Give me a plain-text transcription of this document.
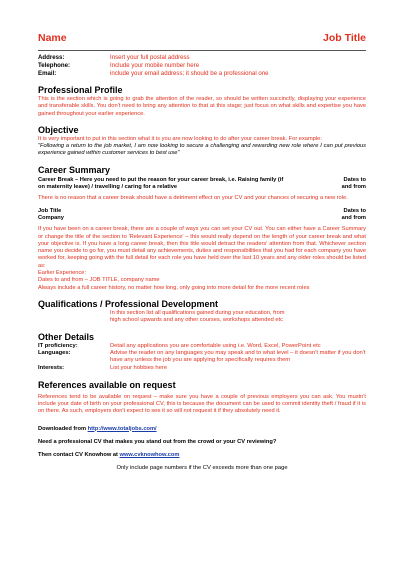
Name	Job Title
Address:	Insert your full postal address
Telephone:	Include your mobile number here
Email:	include your email address; it should be a professional one
Professional Profile

This is the section which is going to grab the attention of the reader, so should be written succinctly, displaying your experience and transferable skills. You don't need to bring any attention to that at this stage; just focus on what skills and expertise you have gained throughout your earlier experience.

Objective

It is very important to put in this section what it is you are now looking to do after your career break. For example:

"Following a return to the job market, I am now looking to secure a challenging and rewarding new role where I can put previous experience gained within customer services to best use"

Career Summary
Career Break – Here you need to put the reason for your career break, i.e. Raising family (if on maternity leave) / travelling / caring for a relative
Dates to and from

There is no reason that a career break should have a detriment effect on your CV and your chances of securing a new role.

Job Title
Company
Dates to and from

If you have been on a career break, there are a couple of ways you can set your CV out. You can either have a Career Summary or change the title of the section to 'Relevant Experience' – this would really depend on the length of your career break and what your objective is. If you have a long career break, then this title would detract the readers' attention from that. Whichever section name you decide to go for, you must detail any achievements, duties and responsibilities that you had for each company you have worked for, keeping going with the full detail for each role you have held over the last 10 years and any older roles should be listed as:

Earlier Experience:

Dates to and from – JOB TITLE, company name

Always include a full career history, no matter how long, only going into more detail for the more recent roles

Qualifications / Professional Development

In this section list all qualifications gained during your education, from high school upwards and any other courses, workshops attended etc

Other Details
IT proficiency:	Detail any applications you are comfortable using i.e. Word, Excel, PowerPoint etc
Languages:	Advise the reader on any languages you may speak and to what level – it doesn't matter if you don't have any unless the job you are applying for specifically requires them
Interests:	List your hobbies here
References available on request

References tend to be available on request – make sure you have a couple of previous employers you can ask. You mustn't include your date of birth on your professional CV, this is because the document can be used to commit identity theft / fraud if it is on there. As such, employers don't expect to see it so will not request it if they absolutely need it.

Downloaded from http://www.totaljobs.com/

Need a professional CV that makes you stand out from the crowd or your CV reviewing?

Then contact CV Knowhow at www.cvknowhow.com

Only include page numbers if the CV exceeds more than one page
